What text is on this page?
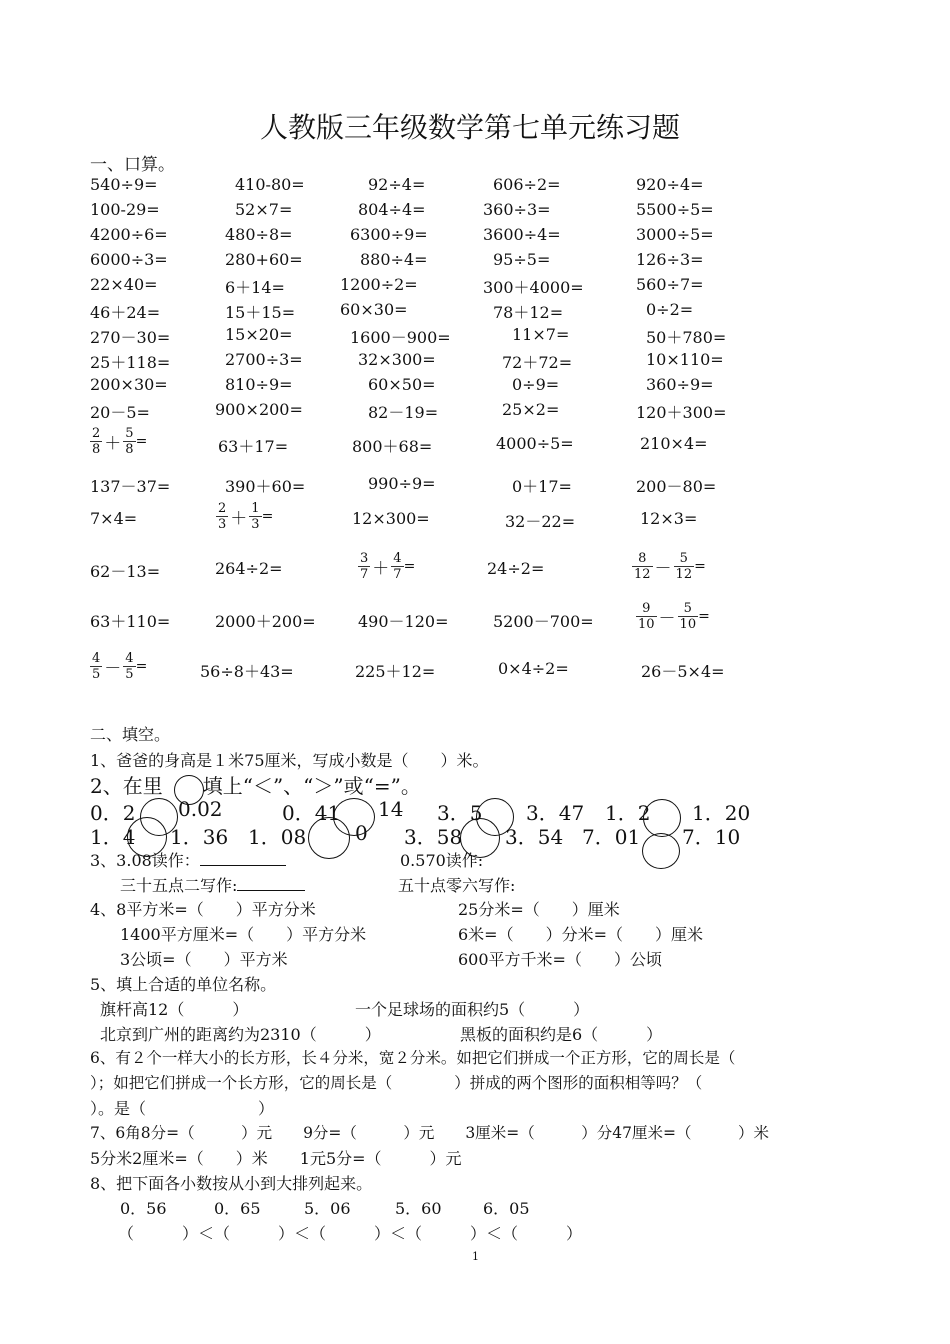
人教版三年级数学第七单元练习题
一、口算。
540÷9=	410-80=	92÷4=	606÷2=	920÷4=
100-29=	52×7=	804÷4=	360÷3=	5500÷5=
4200÷6=	480÷8=	6300÷9=	3600÷4=	3000÷5=
6000÷3=	280+60=	880÷4=	95÷5=	126÷3=
22×40=	6＋14=	1200÷2=	300＋4000=	560÷7=
46＋24=	15＋15=	60×30=	78＋12=	0÷2=
270－30=	15×20=	1600－900=	11×7=	50＋780=
25＋118=	2700÷3=	32×300=	72＋72=	10×110=
200×30=	810÷9=	60×50=	0÷9=	360÷9=
20－5=	900×200=	82－19=	25×2=	120＋300=
$\frac{2}{8} + \frac{5}{8}$ =	63＋17=	800＋68=	4000÷5=	210×4=
137－37=	390＋60=	990÷9=	0＋17=	200－80=
7×4=	$\frac{2}{3} + \frac{1}{3}$ =	12×300=	32－22=	12×3=
62－13=	264÷2=	$\frac{3}{7} + \frac{4}{7}$ =	24÷2=	$\frac{8}{12} - \frac{5}{12}$ =
63＋110=	2000＋200=	490－120=	5200－700=	$\frac{9}{10} - \frac{5}{10}$ =
$\frac{4}{5} - \frac{4}{5}$ =	56÷8＋43=	225＋12=	0×4÷2=	26－5×4=
二、填空。
1、爸爸的身高是１米75厘米，写成小数是（　　）米。
2、在里　　填上“＜”、“＞”或“=”。
0．2 0.02	0．41 14 3．5 3．47 1．2 1．20
1．4 1．36 1．08 0 3．58 3．54 7．01 7．10
3、3.08读作：	0.570读作:
三十五点二写作:	五十点零六写作:
4、8平方米=（　　）平方分米	25分米=（　　）厘米
1400平方厘米=（　　）平方分米	6米=（　　）分米=（　　）厘米
3公顷=（　　）平方米	600平方千米=（　　）公顷
5、填上合适的单位名称。
旗杆高12（　　　）	一个足球场的面积约5（　　　）
北京到广州的距离约为2310（　　　）	黑板的面积约是6（　　　）
6、有２个一样大小的长方形，长４分米，宽２分米。如把它们拼成一个正方形，它的周长是（
）；如把它们拼成一个长方形，它的周长是（　　　　）拼成的两个图形的面积相等吗？（
）。是（　　　　　　　）
7、6角8分=（　　　）元　　9分=（　　　）元　　3厘米=（　　　）分47厘米=（　　　）米
5分米2厘米=（　　）米　　1元5分=（　　　）元
8、把下面各小数按从小到大排列起来。
0．56	0．65	5．06	5．60	6．05
（　　　）＜（　　　）＜（　　　）＜（　　　）＜（　　　）
1
